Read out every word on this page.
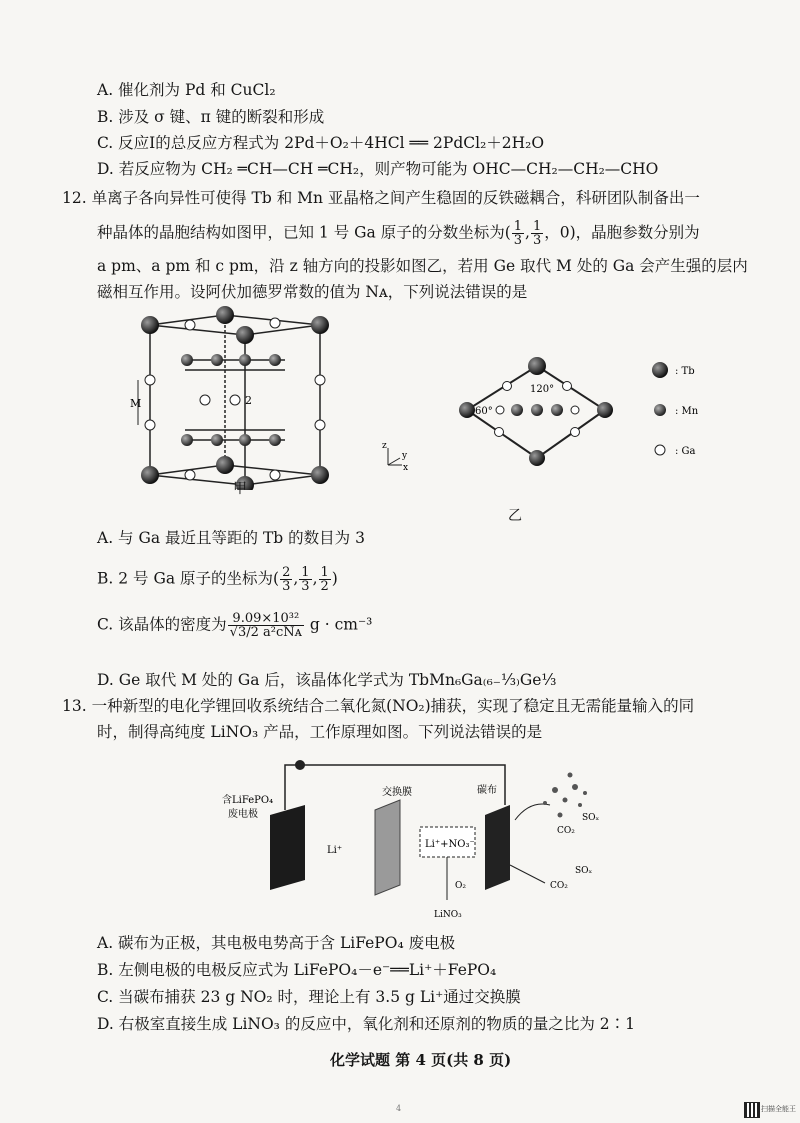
A. 催化剂为 Pd 和 CuCl₂
B. 涉及 σ 键、π 键的断裂和形成
C. 反应Ⅰ的总反应方程式为 2Pd＋O₂＋4HCl ══ 2PdCl₂＋2H₂O
D. 若反应物为 CH₂ ═CH—CH ═CH₂，则产物可能为 OHC—CH₂—CH₂—CHO
12. 单离子各向异性可使得 Tb 和 Mn 亚晶格之间产生稳固的反铁磁耦合，科研团队制备出一
种晶体的晶胞结构如图甲，已知 1 号 Ga 原子的分数坐标为( $\frac{1}{3}$ , $\frac{1}{3}$ ，0)，晶胞参数分别为
a pm、a pm 和 c pm，沿 z 轴方向的投影如图乙，若用 Ge 取代 M 处的 Ga 会产生强的层内
磁相互作用。设阿伏加德罗常数的值为 Nᴀ，下列说法错误的是
M	2
甲
z
y
x
120°
60°
乙
: Tb
: Mn
: Ga
A. 与 Ga 最近且等距的 Tb 的数目为 3
B. 2 号 Ga 原子的坐标为( $\frac{2}{3}$ , $\frac{1}{3}$ , $\frac{1}{2}$ )
C. 该晶体的密度为 $\frac{\text{9.09×10³²}}{\text{√3/2 a²cNᴀ}}$ g · cm⁻³
D. Ge 取代 M 处的 Ga 后，该晶体化学式为 TbMn₆Ga₍₆₋⅓₎Ge⅓
13. 一种新型的电化学锂回收系统结合二氧化氮(NO₂)捕获，实现了稳定且无需能量输入的同
时，制得高纯度 LiNO₃ 产品，工作原理如图。下列说法错误的是
含LiFePO₄
废电极
交换膜	碳布
Li⁺
Li⁺+NO₃⁻
O₂
LiNO₃
CO₂
SOₓ
CO₂
SOₓ
A. 碳布为正极，其电极电势高于含 LiFePO₄ 废电极
B. 左侧电极的电极反应式为 LiFePO₄－e⁻══Li⁺＋FePO₄
C. 当碳布捕获 23 g NO₂ 时，理论上有 3.5 g Li⁺通过交换膜
D. 右极室直接生成 LiNO₃ 的反应中，氧化剂和还原剂的物质的量之比为 2∶1
化学试题 第 4 页(共 8 页)
4	扫描全能王
